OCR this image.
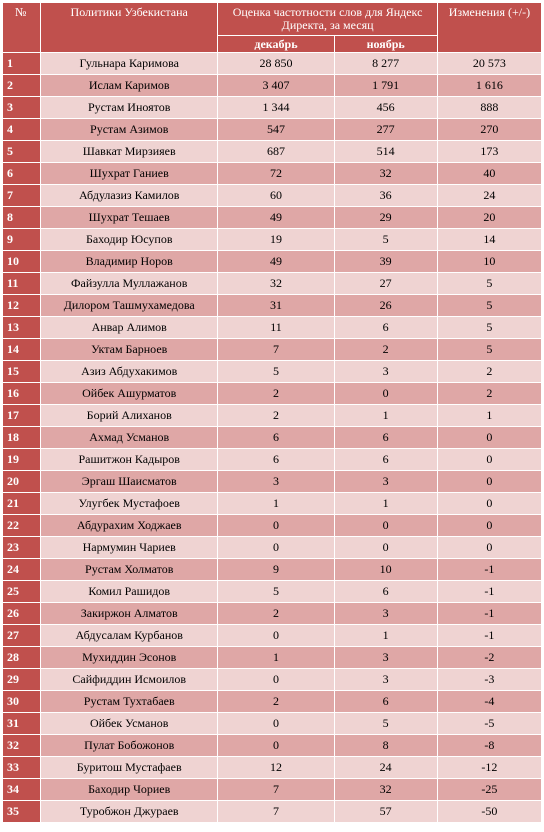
№	Политики Узбекистана	Оценка частотности слов для Яндекс Директа, за месяц		Изменения (+/-)
		декабрь	ноябрь	
1	Гульнара Каримова	28 850	8 277	20 573
2	Ислам Каримов	3 407	1 791	1 616
3	Рустам Иноятов	1 344	456	888
4	Рустам Азимов	547	277	270
5	Шавкат Мирзияев	687	514	173
6	Шухрат Ганиев	72	32	40
7	Абдулазиз Камилов	60	36	24
8	Шухрат Тешаев	49	29	20
9	Баходир Юсупов	19	5	14
10	Владимир Норов	49	39	10
11	Файзулла Муллажанов	32	27	5
12	Дилором Ташмухамедова	31	26	5
13	Анвар Алимов	11	6	5
14	Уктам Барноев	7	2	5
15	Азиз Абдухакимов	5	3	2
16	Ойбек Ашурматов	2	0	2
17	Борий Алиханов	2	1	1
18	Ахмад Усманов	6	6	0
19	Рашитжон Кадыров	6	6	0
20	Эргаш Шаисматов	3	3	0
21	Улугбек Мустафоев	1	1	0
22	Абдурахим Ходжаев	0	0	0
23	Нармумин Чариев	0	0	0
24	Рустам Холматов	9	10	-1
25	Комил Рашидов	5	6	-1
26	Закиржон Алматов	2	3	-1
27	Абдусалам Курбанов	0	1	-1
28	Мухиддин Эсонов	1	3	-2
29	Сайфиддин Исмоилов	0	3	-3
30	Рустам Тухтабаев	2	6	-4
31	Ойбек Усманов	0	5	-5
32	Пулат Бобожонов	0	8	-8
33	Буритош Мустафаев	12	24	-12
34	Баходир Чориев	7	32	-25
35	Туробжон Джураев	7	57	-50
